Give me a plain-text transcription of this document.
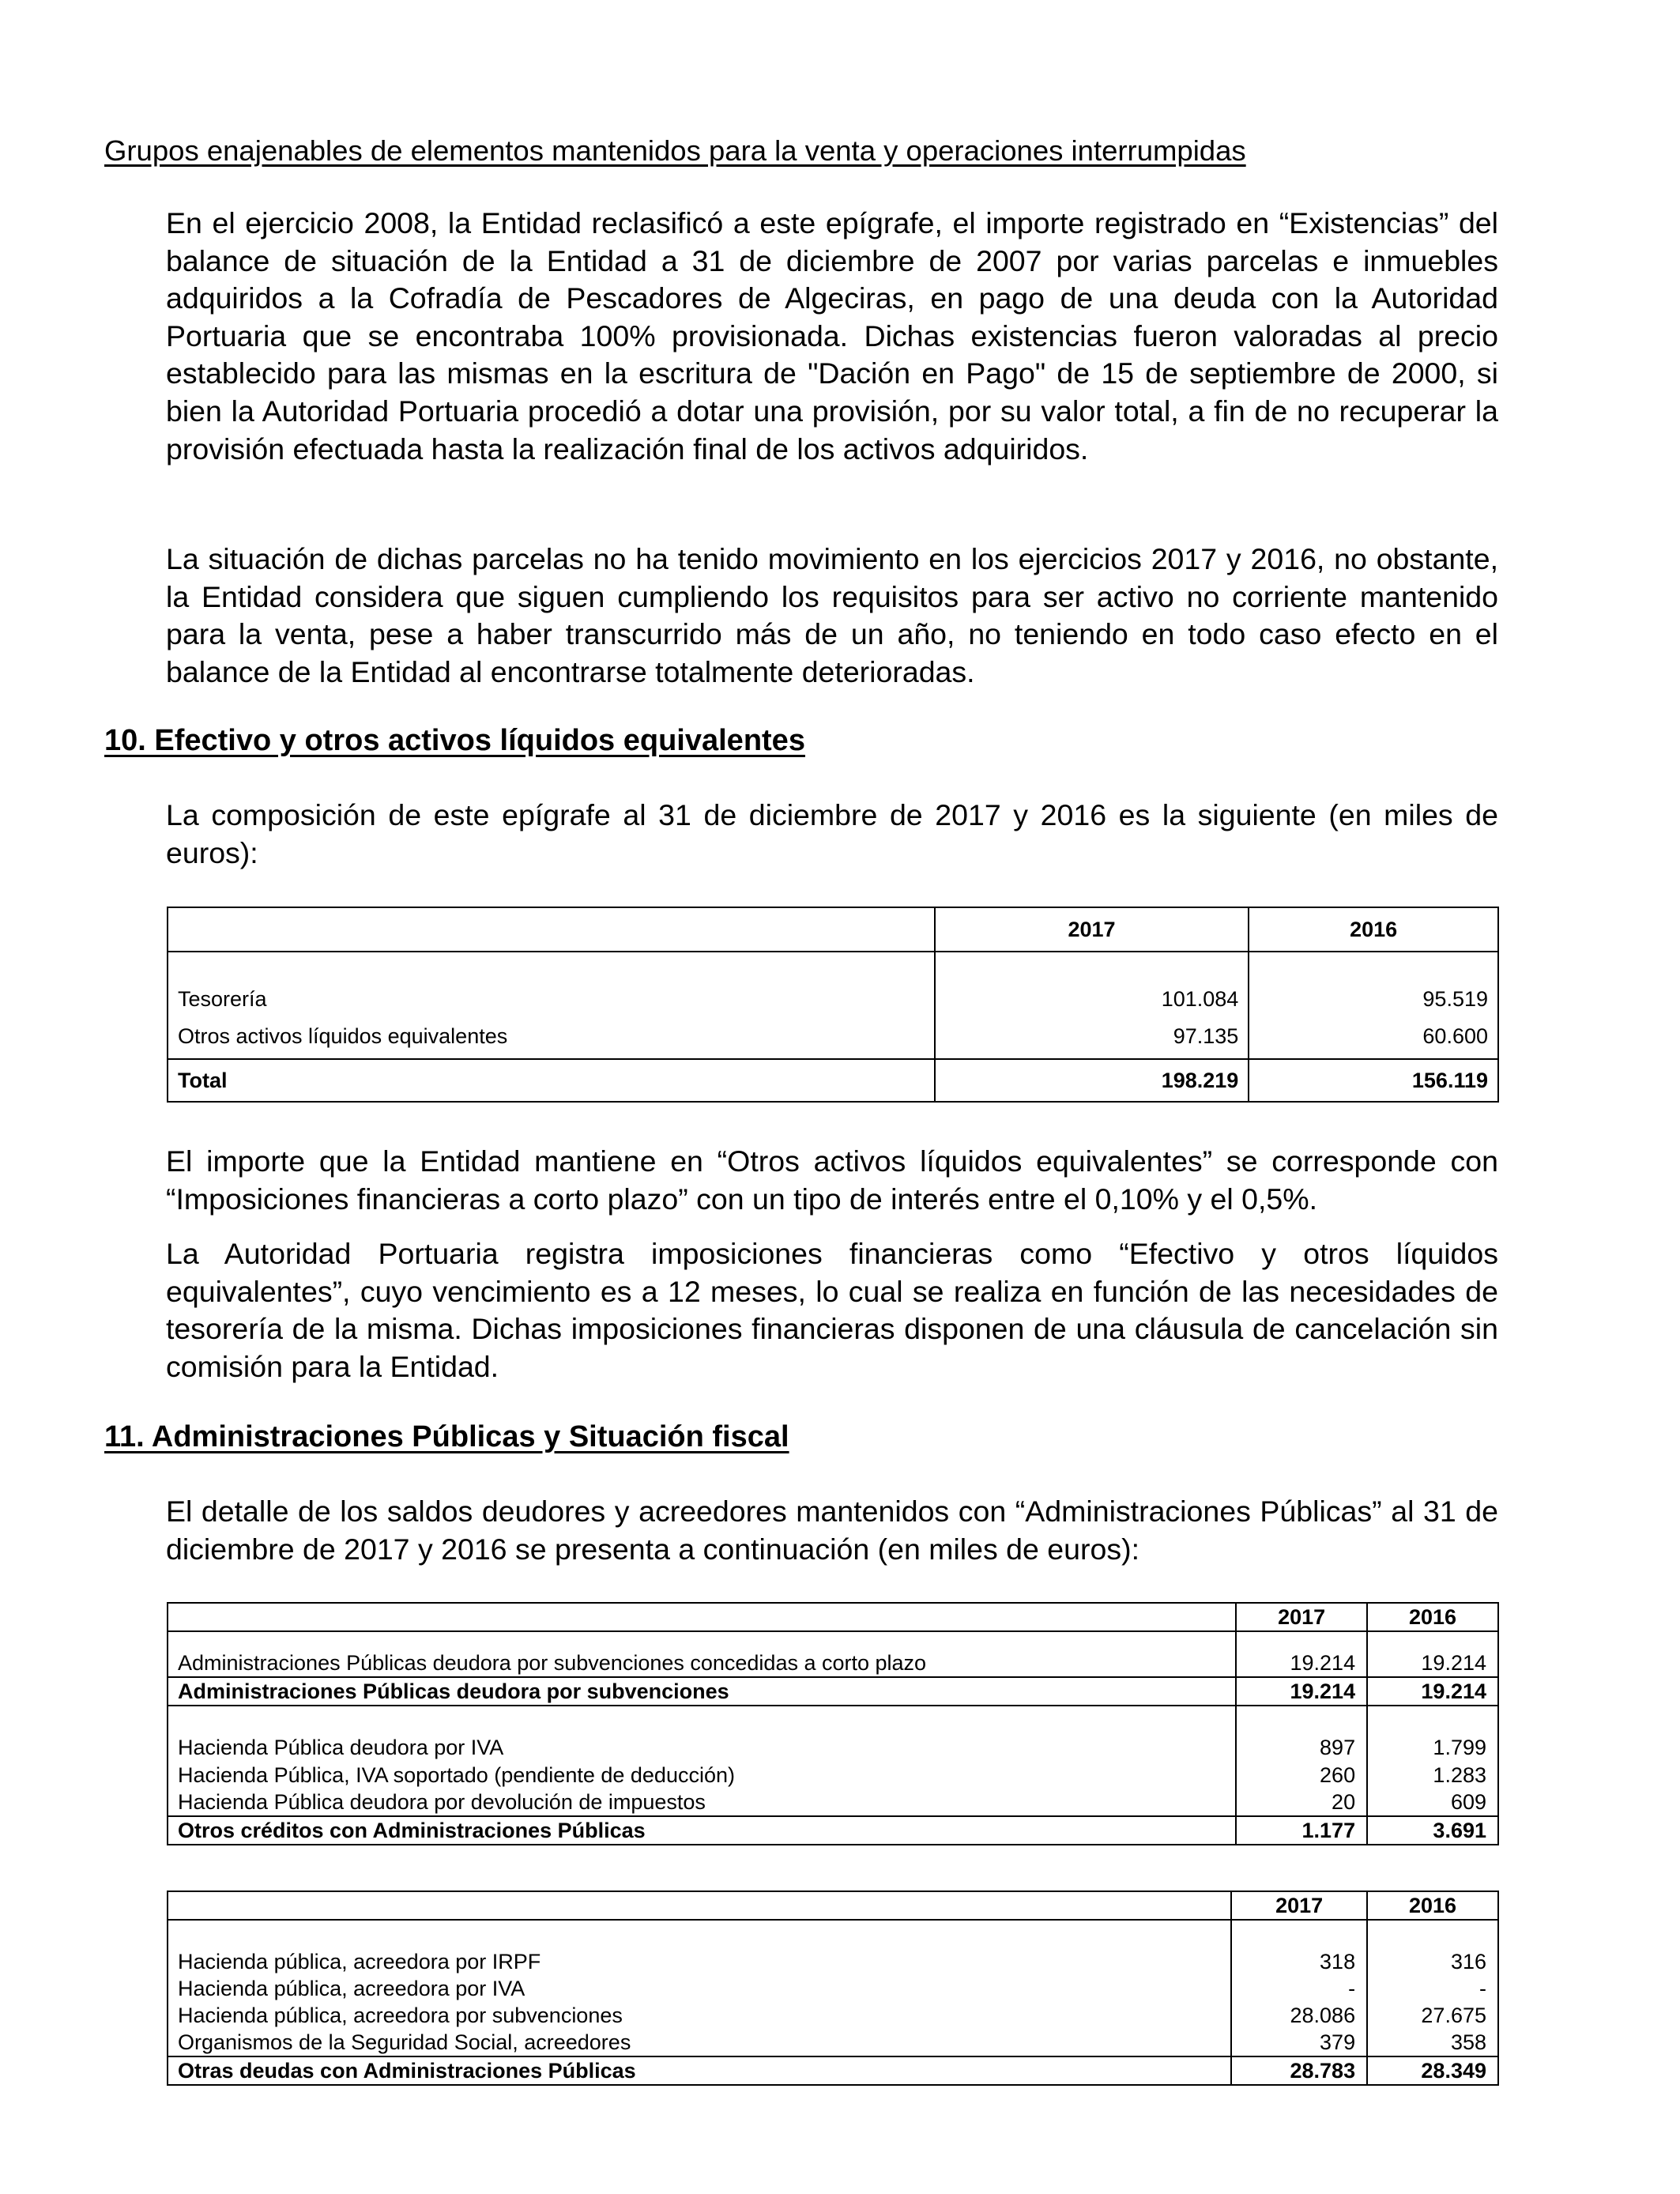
Grupos enajenables de elementos mantenidos para la venta y operaciones interrumpidas
En el ejercicio 2008, la Entidad reclasificó a este epígrafe, el importe registrado en “Existencias” del balance de situación de la Entidad a 31 de diciembre de 2007 por varias parcelas e inmuebles adquiridos a la Cofradía de Pescadores de Algeciras, en pago de una deuda con la Autoridad Portuaria que se encontraba 100% provisionada. Dichas existencias fueron valoradas al precio establecido para las mismas en la escritura de "Dación en Pago" de 15 de septiembre de 2000, si bien la Autoridad Portuaria procedió a dotar una provisión, por su valor total, a fin de no recuperar la provisión efectuada hasta la realización final de los activos adquiridos.
La situación de dichas parcelas no ha tenido movimiento en los ejercicios 2017 y 2016, no obstante, la Entidad considera que siguen cumpliendo los requisitos para ser activo no corriente mantenido para la venta, pese a haber transcurrido más de un año, no teniendo en todo caso efecto en el balance de la Entidad al encontrarse totalmente deterioradas.
10. Efectivo y otros activos líquidos equivalentes
La composición de este epígrafe al 31 de diciembre de 2017 y 2016 es la siguiente (en miles de euros):
	2017	2016
Tesorería	101.084	95.519
Otros activos líquidos equivalentes	97.135	60.600
Total	198.219	156.119
El importe que la Entidad mantiene en “Otros activos líquidos equivalentes” se corresponde con “Imposiciones financieras a corto plazo” con un tipo de interés entre el 0,10% y el 0,5%.
La Autoridad Portuaria registra imposiciones financieras como “Efectivo y otros líquidos equivalentes”, cuyo vencimiento es a 12 meses, lo cual se realiza en función de las necesidades de tesorería de la misma. Dichas imposiciones financieras disponen de una cláusula de cancelación sin comisión para la Entidad.
11. Administraciones Públicas y Situación fiscal
El detalle de los saldos deudores y acreedores mantenidos con “Administraciones Públicas” al 31 de diciembre de 2017 y 2016 se presenta a continuación (en miles de euros):
	2017	2016
Administraciones Públicas deudora por subvenciones concedidas a corto plazo	19.214	19.214
Administraciones Públicas deudora por subvenciones	19.214	19.214
Hacienda Pública deudora por IVA	897	1.799
Hacienda Pública, IVA soportado (pendiente de deducción)	260	1.283
Hacienda Pública deudora por devolución de impuestos	20	609
Otros créditos con Administraciones Públicas	1.177	3.691
	2017	2016
Hacienda pública, acreedora por IRPF	318	316
Hacienda pública, acreedora por IVA	-	-
Hacienda pública, acreedora por subvenciones	28.086	27.675
Organismos de la Seguridad Social, acreedores	379	358
Otras deudas con Administraciones Públicas	28.783	28.349
